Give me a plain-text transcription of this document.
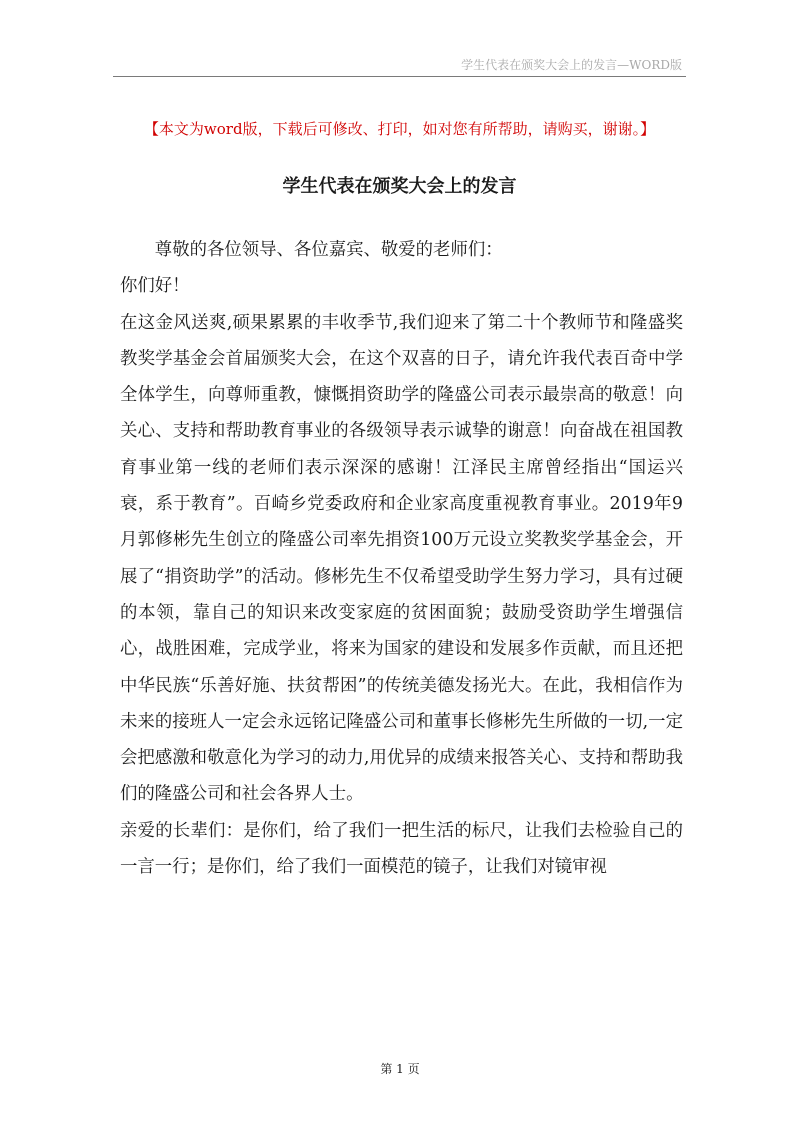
学生代表在颁奖大会上的发言—WORD版
【本文为word版，下载后可修改、打印，如对您有所帮助，请购买，谢谢。】
学生代表在颁奖大会上的发言

尊敬的各位领导、各位嘉宾、敬爱的老师们：

你们好！

在这金风送爽,硕果累累的丰收季节,我们迎来了第二十个教师节和隆盛奖教奖学基金会首届颁奖大会，在这个双喜的日子，请允许我代表百奇中学全体学生，向尊师重教，慷慨捐资助学的隆盛公司表示最崇高的敬意！向关心、支持和帮助教育事业的各级领导表示诚挚的谢意！向奋战在祖国教育事业第一线的老师们表示深深的感谢！江泽民主席曾经指出“国运兴衰，系于教育”。百崎乡党委政府和企业家高度重视教育事业。2019年9月郭修彬先生创立的隆盛公司率先捐资100万元设立奖教奖学基金会，开展了“捐资助学”的活动。修彬先生不仅希望受助学生努力学习，具有过硬的本领，靠自己的知识来改变家庭的贫困面貌；鼓励受资助学生增强信心，战胜困难，完成学业，将来为国家的建设和发展多作贡献，而且还把中华民族“乐善好施、扶贫帮困”的传统美德发扬光大。在此，我相信作为未来的接班人一定会永远铭记隆盛公司和董事长修彬先生所做的一切,一定会把感激和敬意化为学习的动力,用优异的成绩来报答关心、支持和帮助我们的隆盛公司和社会各界人士。

亲爱的长辈们：是你们，给了我们一把生活的标尺，让我们去检验自己的一言一行；是你们，给了我们一面模范的镜子，让我们对镜审视

第 1 页
